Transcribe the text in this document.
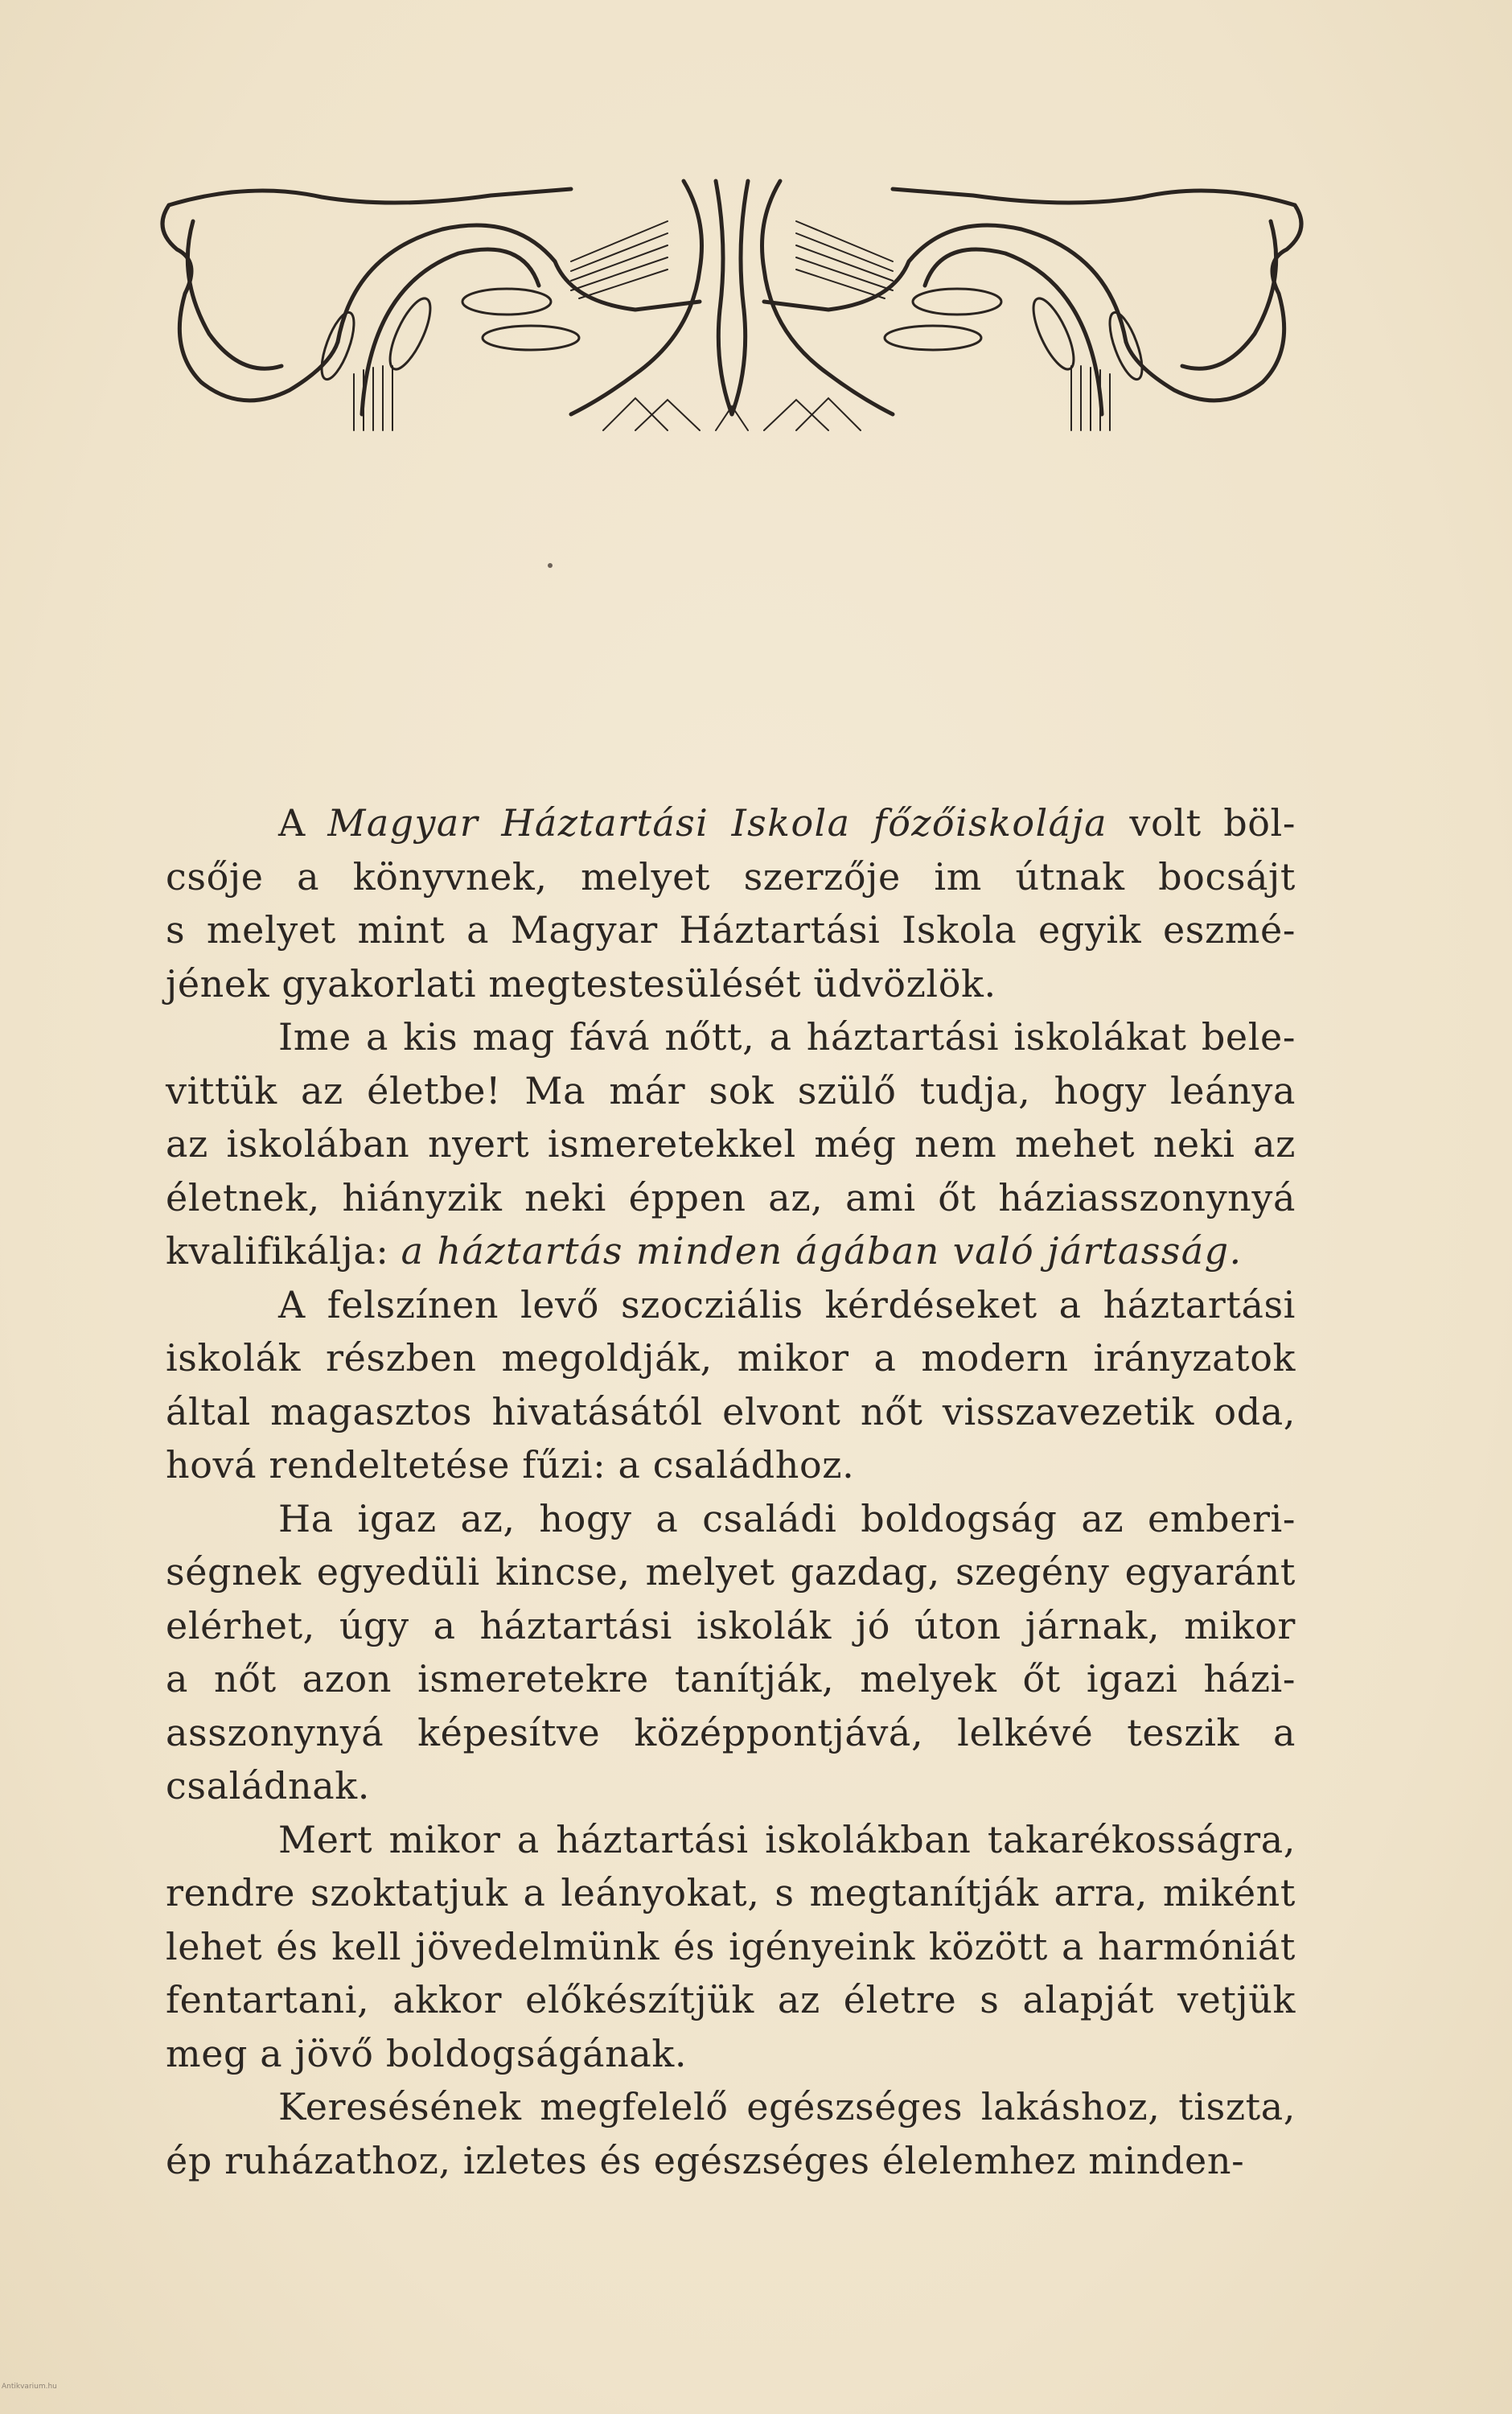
A Magyar Háztartási Iskola főzőiskolája volt böl-
csője a könyvnek, melyet szerzője im útnak bocsájt
s melyet mint a Magyar Háztartási Iskola egyik eszmé-
jének gyakorlati megtestesülését üdvözlök.
Ime a kis mag fává nőtt, a háztartási iskolákat bele-
vittük az életbe! Ma már sok szülő tudja, hogy leánya
az iskolában nyert ismeretekkel még nem mehet neki az
életnek, hiányzik neki éppen az, ami őt háziasszonynyá
kvalifikálja: a háztartás minden ágában való jártasság.
A felszínen levő szocziális kérdéseket a háztartási
iskolák részben megoldják, mikor a modern irányzatok
által magasztos hivatásától elvont nőt visszavezetik oda,
hová rendeltetése fűzi: a családhoz.
Ha igaz az, hogy a családi boldogság az emberi-
ségnek egyedüli kincse, melyet gazdag, szegény egyaránt
elérhet, úgy a háztartási iskolák jó úton járnak, mikor
a nőt azon ismeretekre tanítják, melyek őt igazi házi-
asszonynyá képesítve középpontjává, lelkévé teszik a
családnak.
Mert mikor a háztartási iskolákban takarékosságra,
rendre szoktatjuk a leányokat, s megtanítják arra, miként
lehet és kell jövedelmünk és igényeink között a harmóniát
fentartani, akkor előkészítjük az életre s alapját vetjük
meg a jövő boldogságának.
Keresésének megfelelő egészséges lakáshoz, tiszta,
ép ruházathoz, izletes és egészséges élelemhez minden-
Antikvarium.hu
